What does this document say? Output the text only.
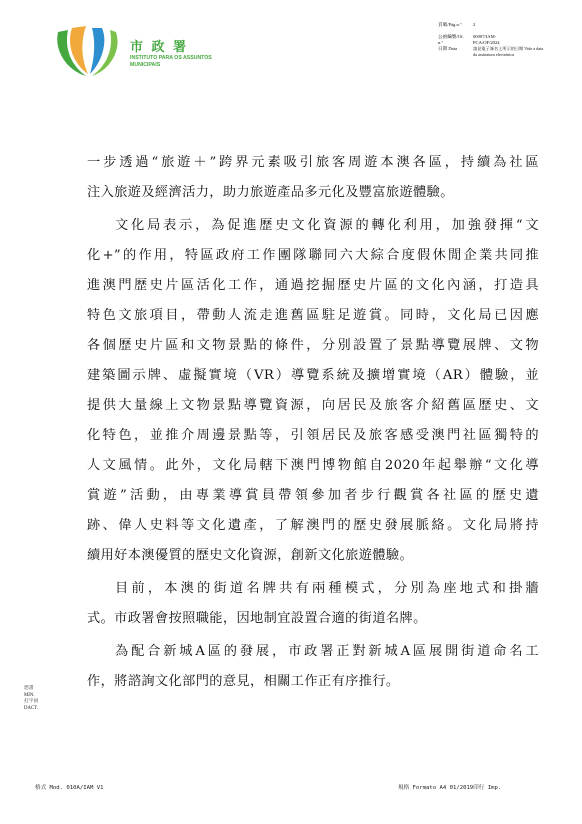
市 政 署
INSTITUTO PARA OS ASSUNTOS MUNICIPAIS
頁碼/Pág.n.º	2
公函編號/Of. n.º
00007/IAM-PCA/OF/2024
日期 Data	請見電子簽名上所示的日期 Vide a data da assinatura electrónica
一步透過“旅遊＋”跨界元素吸引旅客周遊本澳各區，持續為社區
注入旅遊及經濟活力，助力旅遊產品多元化及豐富旅遊體驗。
文化局表示，為促進歷史文化資源的轉化利用，加強發揮“文
化+”的作用，特區政府工作團隊聯同六大綜合度假休閒企業共同推
進澳門歷史片區活化工作，通過挖掘歷史片區的文化內涵，打造具
特色文旅項目，帶動人流走進舊區駐足遊賞。同時，文化局已因應
各個歷史片區和文物景點的條件，分別設置了景點導覽展牌、文物
建築圖示牌、虛擬實境（VR）導覽系統及擴增實境（AR）體驗，並
提供大量線上文物景點導覽資源，向居民及旅客介紹舊區歷史、文
化特色，並推介周邊景點等，引領居民及旅客感受澳門社區獨特的
人文風情。此外，文化局轄下澳門博物館自2020年起舉辦“文化導
賞遊”活動，由專業導賞員帶領參加者步行觀賞各社區的歷史遺
跡、偉人史料等文化遺產，了解澳門的歷史發展脈絡。文化局將持
續用好本澳優質的歷史文化資源，創新文化旅遊體驗。
目前，本澳的街道名牌共有兩種模式，分別為座地式和掛牆
式。市政署會按照職能，因地制宜設置合適的街道名牌。
為配合新城A區的發展，市政署正對新城A區展開街道命名工
作，將諮詢文化部門的意見，相關工作正有序推行。
您書
MIN.
打字員
DACT.
格式 Mod. 010A/IAM V1	規格 Formato A4 01/2019印行 Imp.
